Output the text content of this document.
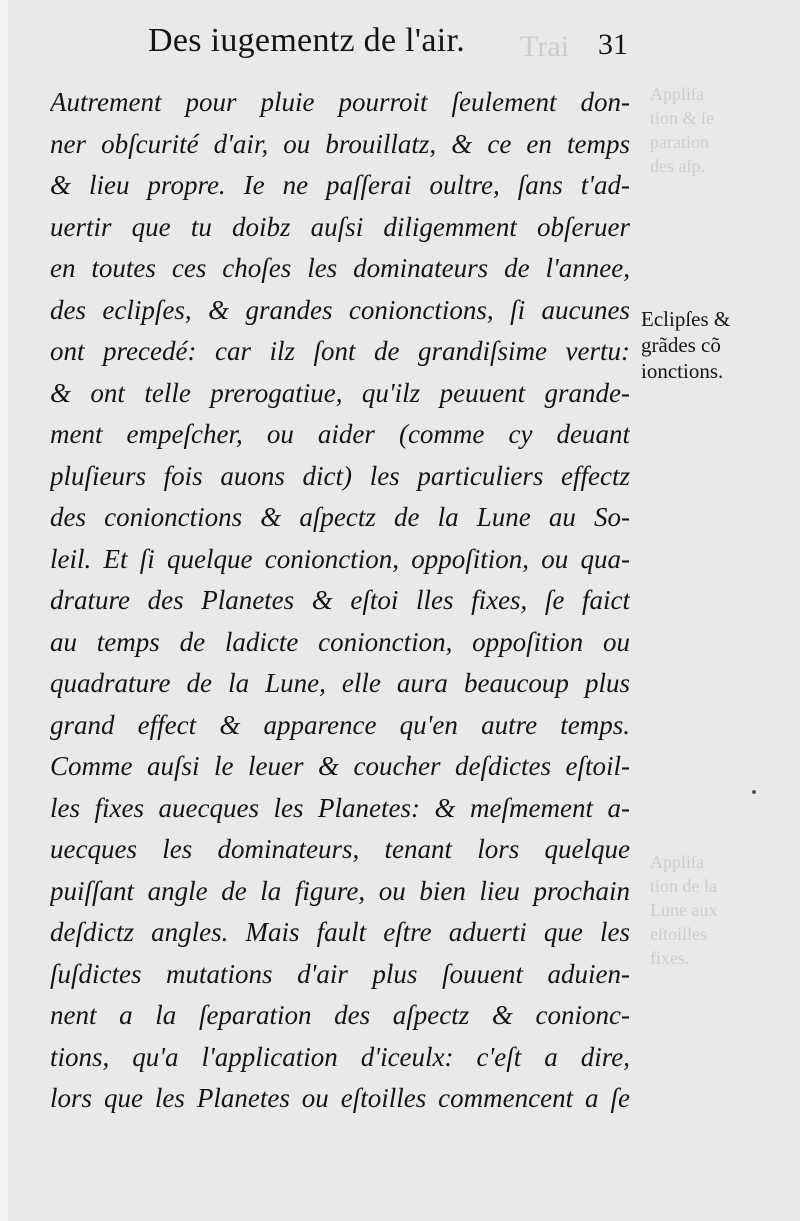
Trai
Appliſa
tion & ſe
paration
des aſp.
Appliſa
tion de la
Lune aux
eſtoilles
fixes.
Des iugementz de l'air.	31
Autrement pour pluie pourroit ſeulement don-
ner obſcurité d'air, ou brouillatz, & ce en temps
& lieu propre. Ie ne paſſerai oultre, ſans t'ad-
uertir que tu doibz auſsi diligemment obſeruer
en toutes ces choſes les dominateurs de l'annee,
des eclipſes, & grandes conionctions, ſi aucunes
ont precedé: car ilz ſont de grandiſsime vertu:
& ont telle prerogatiue, qu'ilz peuuent grande-
ment empeſcher, ou aider (comme cy deuant
pluſieurs fois auons dict) les particuliers effectz
des conionctions & aſpectz de la Lune au So-
leil. Et ſi quelque conionction, oppoſition, ou qua-
drature des Planetes & eſtoi lles fixes, ſe faict
au temps de ladicte conionction, oppoſition ou
quadrature de la Lune, elle aura beaucoup plus
grand effect & apparence qu'en autre temps.
Comme auſsi le leuer & coucher deſdictes eſtoil-
les fixes auecques les Planetes: & meſmement a-
uecques les dominateurs, tenant lors quelque
puiſſant angle de la figure, ou bien lieu prochain
deſdictz angles. Mais fault eſtre aduerti que les
ſuſdictes mutations d'air plus ſouuent aduien-
nent a la ſeparation des aſpectz & conionc-
tions, qu'a l'application d'iceulx: c'eſt a dire,
lors que les Planetes ou eſtoilles commencent a ſe
Eclipſes &
grãdes cõ
ionctions.
